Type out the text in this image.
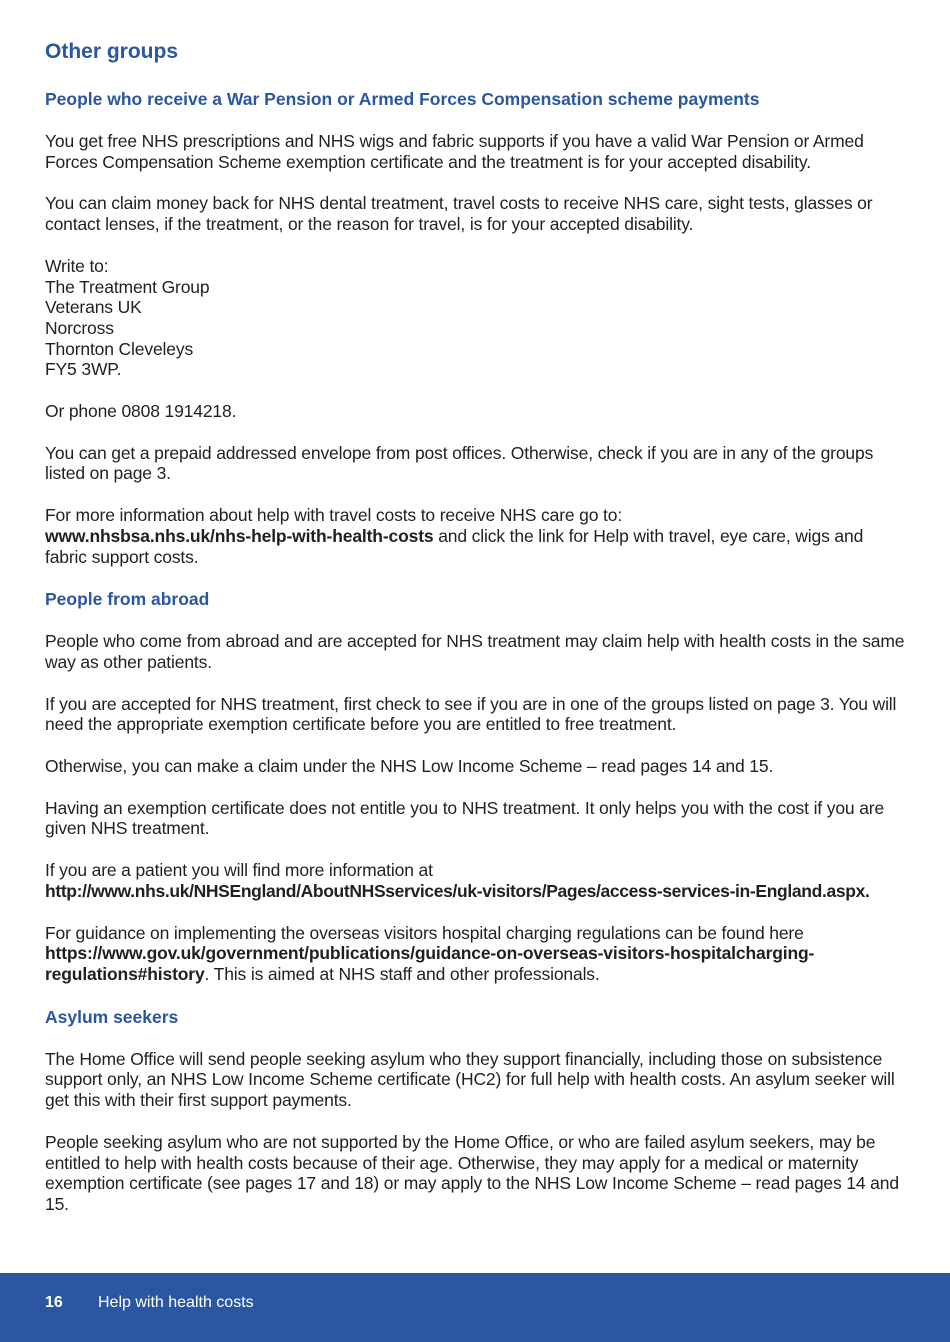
Other groups
People who receive a War Pension or Armed Forces Compensation scheme payments

You get free NHS prescriptions and NHS wigs and fabric supports if you have a valid War Pension or Armed Forces Compensation Scheme exemption certificate and the treatment is for your accepted disability.

You can claim money back for NHS dental treatment, travel costs to receive NHS care, sight tests, glasses or contact lenses, if the treatment, or the reason for travel, is for your accepted disability.

Write to:
The Treatment Group
Veterans UK
Norcross
Thornton Cleveleys
FY5 3WP.

Or phone 0808 1914218.

You can get a prepaid addressed envelope from post offices. Otherwise, check if you are in any of the groups listed on page 3.

For more information about help with travel costs to receive NHS care go to:
www.nhsbsa.nhs.uk/nhs-help-with-health-costs and click the link for Help with travel, eye care, wigs and fabric support costs.

People from abroad

People who come from abroad and are accepted for NHS treatment may claim help with health costs in the same way as other patients.

If you are accepted for NHS treatment, first check to see if you are in one of the groups listed on page 3. You will need the appropriate exemption certificate before you are entitled to free treatment.

Otherwise, you can make a claim under the NHS Low Income Scheme – read pages 14 and 15.

Having an exemption certificate does not entitle you to NHS treatment. It only helps you with the cost if you are given NHS treatment.

If you are a patient you will find more information at
http://www.nhs.uk/NHSEngland/AboutNHSservices/uk-visitors/Pages/access-services-in-England.aspx.

For guidance on implementing the overseas visitors hospital charging regulations can be found here
https://www.gov.uk/government/publications/guidance-on-overseas-visitors-hospitalcharging-regulations#history. This is aimed at NHS staff and other professionals.

Asylum seekers

The Home Office will send people seeking asylum who they support financially, including those on subsistence support only, an NHS Low Income Scheme certificate (HC2) for full help with health costs. An asylum seeker will get this with their first support payments.

People seeking asylum who are not supported by the Home Office, or who are failed asylum seekers, may be entitled to help with health costs because of their age. Otherwise, they may apply for a medical or maternity exemption certificate (see pages 17 and 18) or may apply to the NHS Low Income Scheme – read pages 14 and 15.

16 Help with health costs
